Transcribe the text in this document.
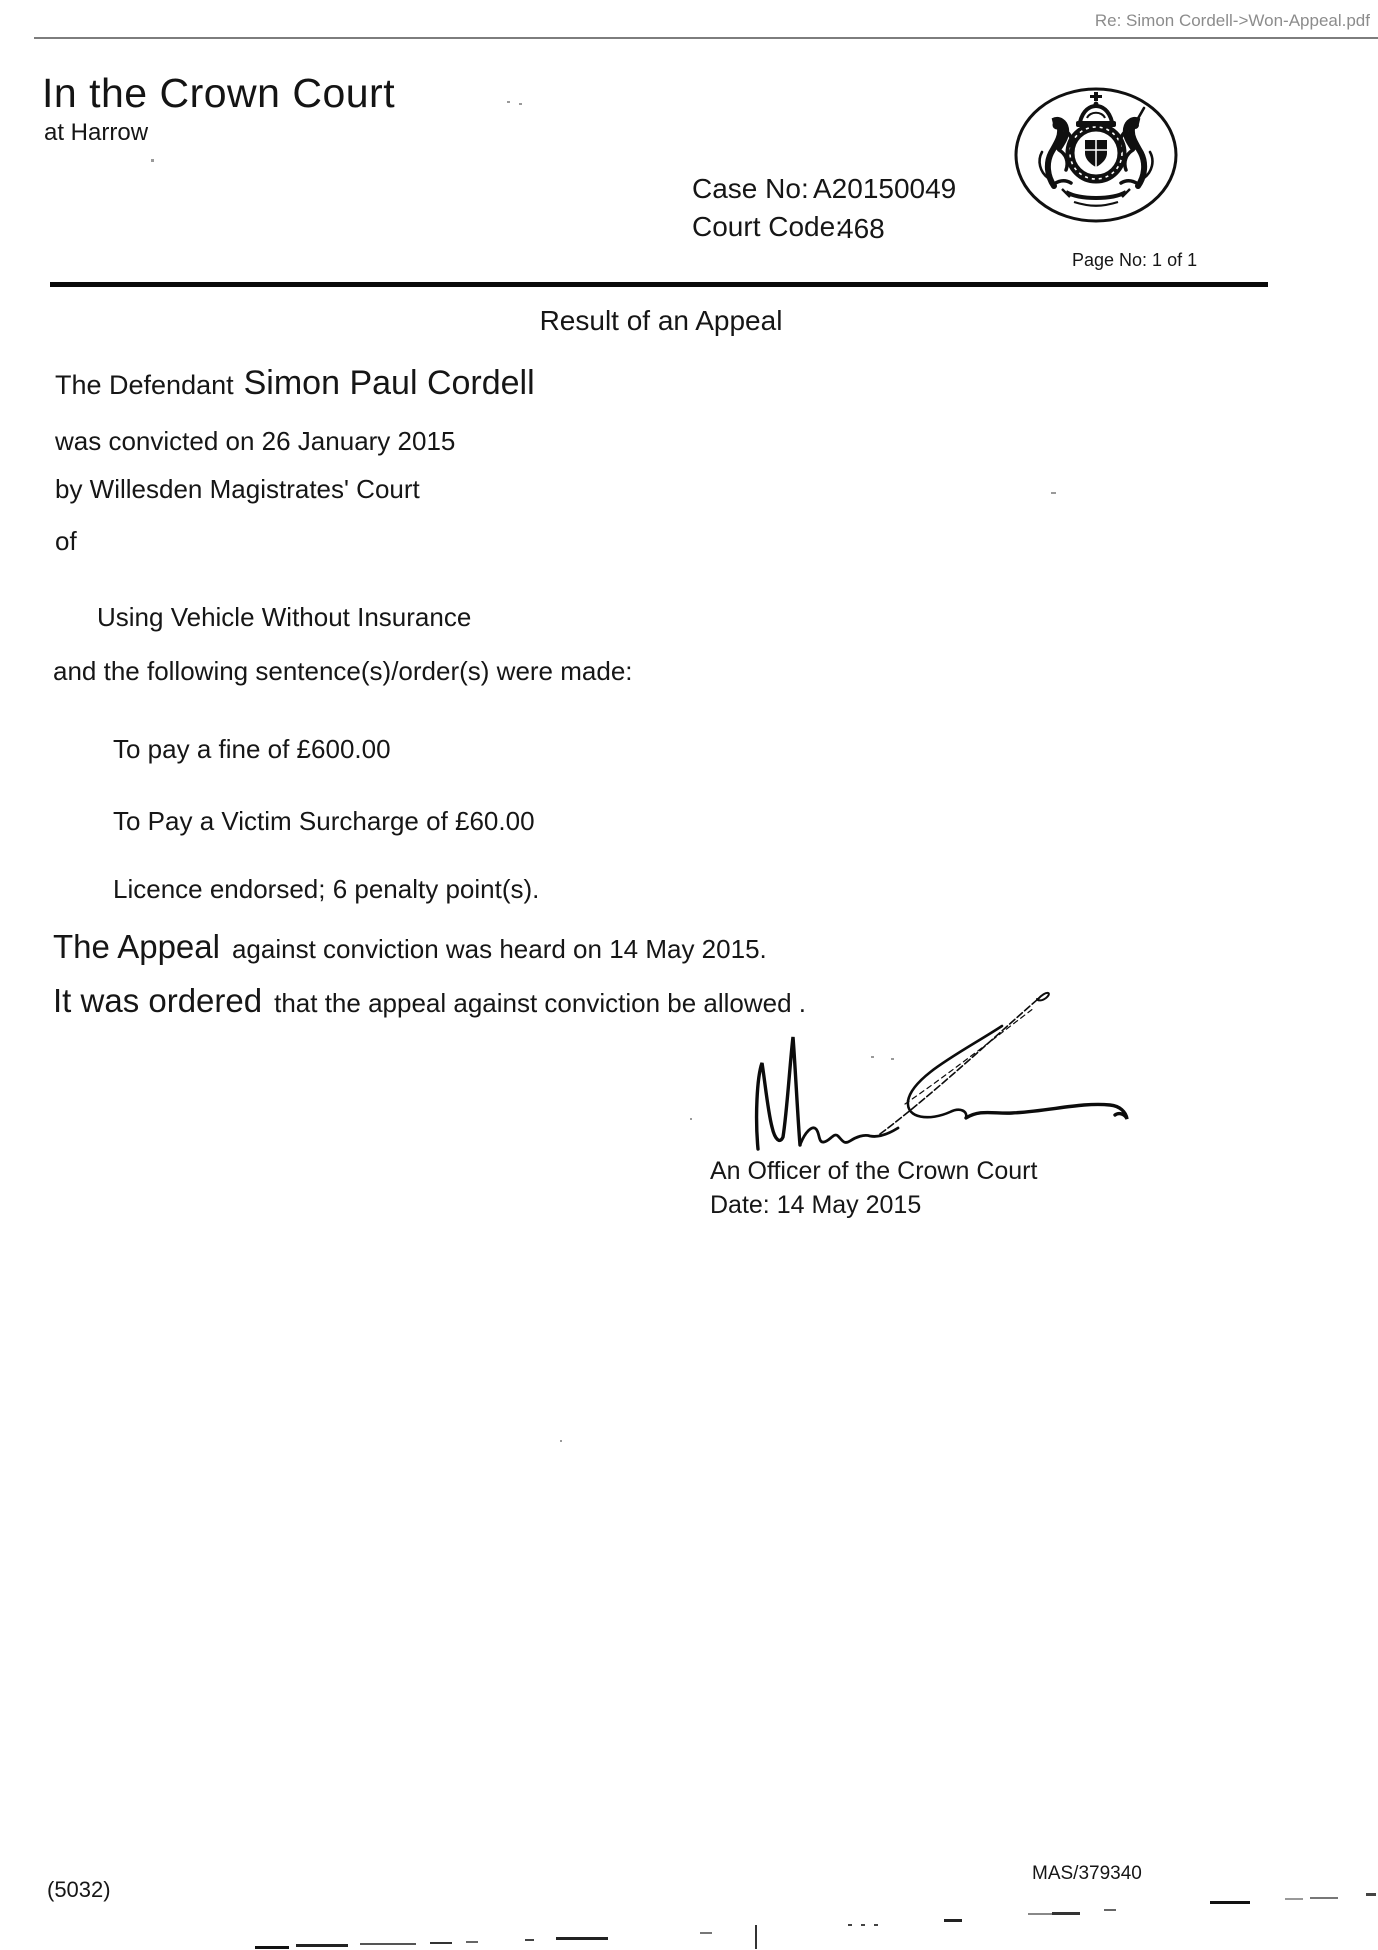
Re: Simon Cordell->Won-Appeal.pdf
In the Crown Court
at Harrow
Case No: A20150049
Court Code:
468
Page No: 1 of 1
Result of an Appeal
The Defendant Simon Paul Cordell
was convicted on 26 January 2015
by Willesden Magistrates' Court
of
Using Vehicle Without Insurance
and the following sentence(s)/order(s) were made:
To pay a fine of £600.00
To Pay a Victim Surcharge of £60.00
Licence endorsed; 6 penalty point(s).
The Appeal against conviction was heard on 14 May 2015.
It was ordered that the appeal against conviction be allowed .
An Officer of the Crown Court
Date: 14 May 2015
(5032)
MAS/379340
